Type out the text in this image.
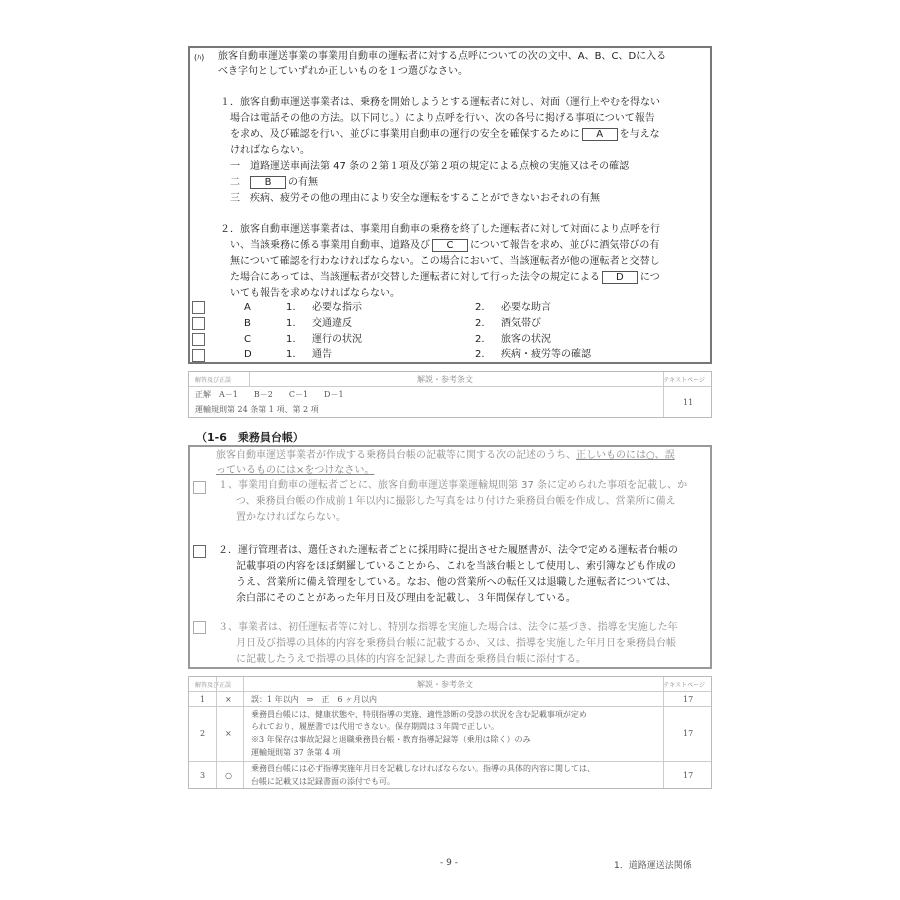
(ﾊ) 旅客自動車運送事業の事業用自動車の運転者に対する点呼についての次の文中、A、B、C、Dに入る
べき字句としていずれか正しいものを１つ選びなさい。
１．旅客自動車運送事業者は、乗務を開始しようとする運転者に対し、対面（運行上やむを得ない
場合は電話その他の方法。以下同じ。）により点呼を行い、次の各号に掲げる事項について報告
を求め、及び確認を行い、並びに事業用自動車の運行の安全を確保するために A を与えな
ければならない。
一　道路運送車両法第 47 条の２第１項及び第２項の規定による点検の実施又はその確認
二 B の有無
三　疾病、疲労その他の理由により安全な運転をすることができないおそれの有無
２．旅客自動車運送事業者は、事業用自動車の乗務を終了した運転者に対して対面により点呼を行
い、当該乗務に係る事業用自動車、道路及び C について報告を求め、並びに酒気帯びの有
無について確認を行わなければならない。この場合において、当該運転者が他の運転者と交替し
た場合にあっては、当該運転者が交替した運転者に対して行った法令の規定による D につ
いても報告を求めなければならない。
A	1. 必要な指示	2. 必要な助言
B	1. 交通違反	2. 酒気帯び
C	1. 運行の状況	2. 旅客の状況
D	1. 通告	2. 疾病・疲労等の確認
解答及び正誤	解説・参考条文	テキストページ
正解　A－1　　B－2　　C－1　　D－1
運輸規則第 24 条第 1 項、第 2 項
11
（1-6　乗務員台帳）
旅客自動車運送事業者が作成する乗務員台帳の記載等に関する次の記述のうち、正しいものには○、誤
っているものには×をつけなさい。
１、事業用自動車の運転者ごとに、旅客自動車運送事業運輸規則第 37 条に定められた事項を記載し、か
つ、乗務員台帳の作成前１年以内に撮影した写真をはり付けた乗務員台帳を作成し、営業所に備え
置かなければならない。
２．運行管理者は、選任された運転者ごとに採用時に提出させた履歴書が、法令で定める運転者台帳の
記載事項の内容をほぼ網羅していることから、これを当該台帳として使用し、索引簿なども作成の
うえ、営業所に備え管理をしている。なお、他の営業所への転任又は退職した運転者については、
余白部にそのことがあった年月日及び理由を記載し、３年間保存している。
３、事業者は、初任運転者等に対し、特別な指導を実施した場合は、法令に基づき、指導を実施した年
月日及び指導の具体的内容を乗務員台帳に記載するか、又は、指導を実施した年月日を乗務員台帳
に記載したうえで指導の具体的内容を記録した書面を乗務員台帳に添付する。
解答及び正誤	解説・参考条文	テキストページ
1 × 誤：1 年以内　⇒　正　6 ヶ月以内	17
2 ×
乗務員台帳には、健康状態や、特別指導の実施、適性診断の受診の状況を含む記載事項が定め
られており、履歴書では代用できない。保存期間は３年間で正しい。
※3 年保存は事故記録と退職乗務員台帳・教育指導記録等（乗用は除く）のみ
運輸規則第 37 条第 4 項
17
3 ○
乗務員台帳には必ず指導実施年月日を記載しなければならない。指導の具体的内容に関しては、
台帳に記載又は記録書面の添付でも可。
17
- 9 -	1．道路運送法関係
